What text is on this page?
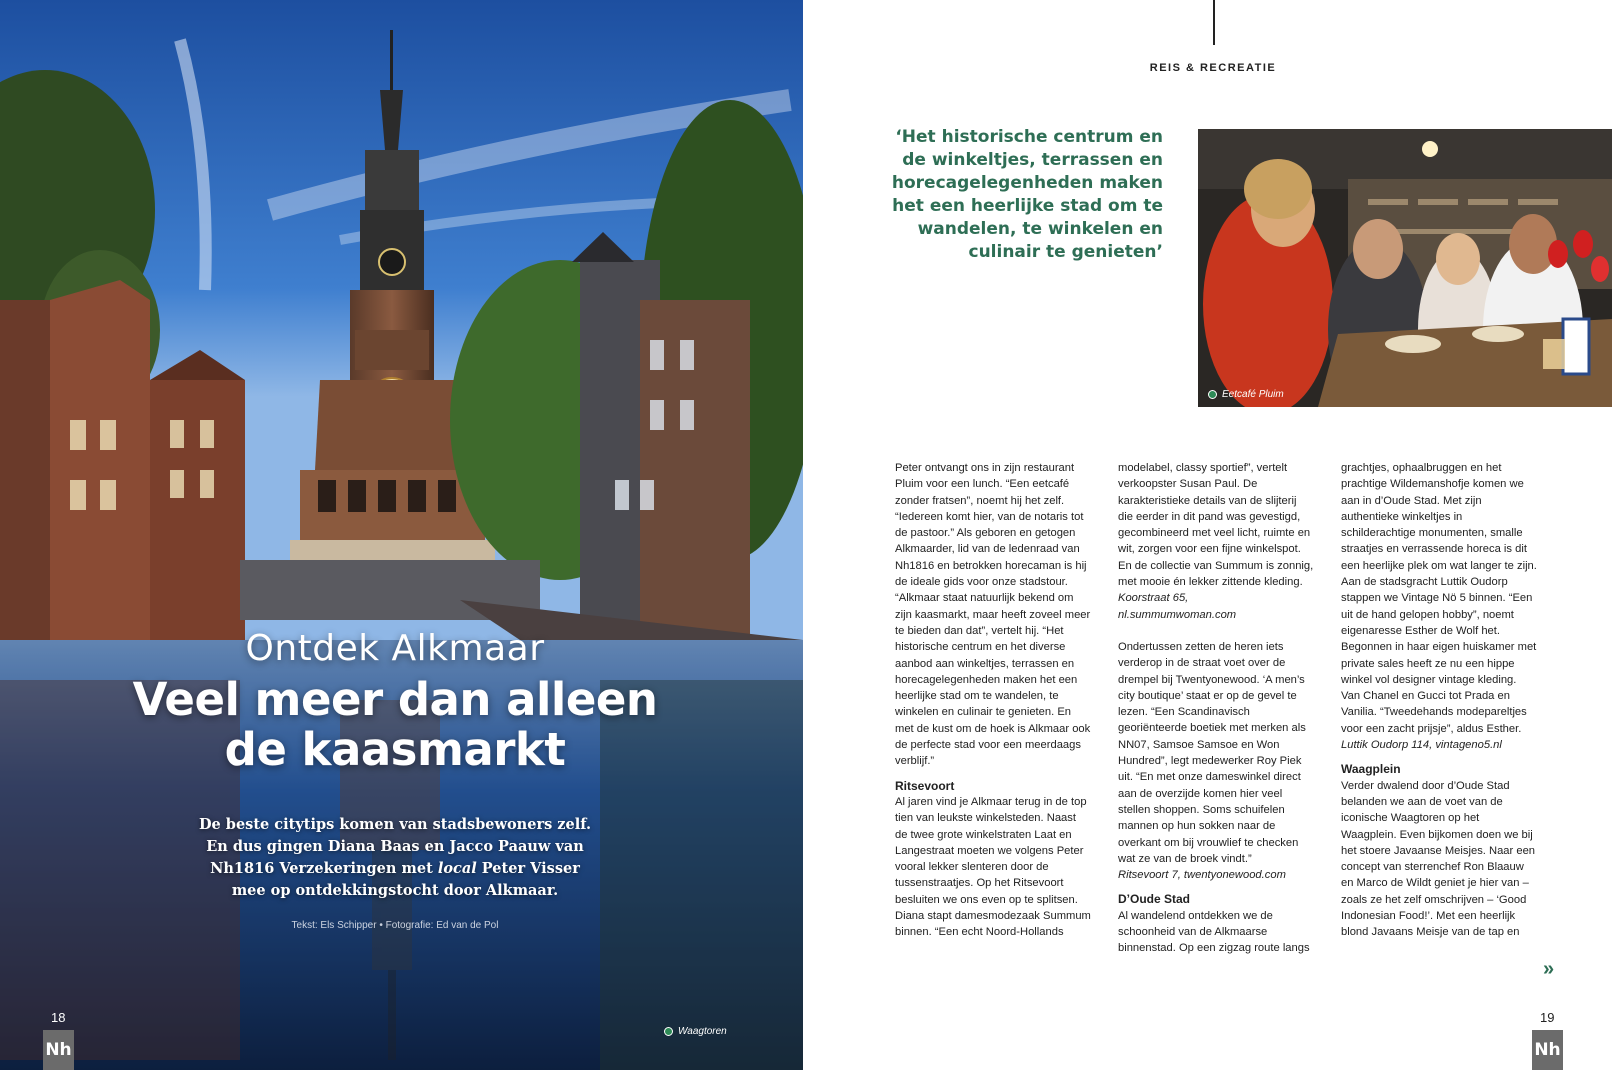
Ontdek Alkmaar

Veel meer dan alleen
de kaasmarkt

De beste citytips komen van stadsbewoners zelf. En dus gingen Diana Baas en Jacco Paauw van Nh1816 Verzekeringen met local Peter Visser mee op ontdekkingstocht door Alkmaar.

Tekst: Els Schipper • Fotografie: Ed van de Pol
Waagtoren
18
Nh
REIS & RECREATIE

‘Het historische centrum en de winkeltjes, terrassen en horecagelegenheden maken het een heerlijke stad om te wandelen, te winkelen en culinair te genieten’

Eetcafé Pluim

Peter ontvangt ons in zijn restaurant Pluim voor een lunch. “Een eetcafé zonder fratsen”, noemt hij het zelf. “Iedereen komt hier, van de notaris tot de pastoor.” Als geboren en getogen Alkmaarder, lid van de ledenraad van Nh1816 en betrokken horecaman is hij de ideale gids voor onze stadstour. “Alkmaar staat natuurlijk bekend om zijn kaasmarkt, maar heeft zoveel meer te bieden dan dat”, vertelt hij. “Het historische centrum en het diverse aanbod aan winkeltjes, terrassen en horecagelegenheden maken het een heerlijke stad om te wandelen, te winkelen en culinair te genieten. En met de kust om de hoek is Alkmaar ook de perfecte stad voor een meerdaags verblijf.”

Ritsevoort

Al jaren vind je Alkmaar terug in de top tien van leukste winkelsteden. Naast de twee grote winkelstraten Laat en Langestraat moeten we volgens Peter vooral lekker slenteren door de tussenstraatjes. Op het Ritsevoort besluiten we ons even op te splitsen. Diana stapt damesmodezaak Summum binnen. “Een echt Noord-Hollands

modelabel, classy sportief”, vertelt verkoopster Susan Paul. De karakteristieke details van de slijterij die eerder in dit pand was gevestigd, gecombineerd met veel licht, ruimte en wit, zorgen voor een fijne winkelspot. En de collectie van Summum is zonnig, met mooie én lekker zittende kleding.

Koorstraat 65,

nl.summumwoman.com

Ondertussen zetten de heren iets verderop in de straat voet over de drempel bij Twentyonewood. ‘A men’s city boutique’ staat er op de gevel te lezen. “Een Scandinavisch georiënteerde boetiek met merken als NN07, Samsoe Samsoe en Won Hundred”, legt medewerker Roy Piek uit. “En met onze dameswinkel direct aan de overzijde komen hier veel stellen shoppen. Soms schuifelen mannen op hun sokken naar de overkant om bij vrouwlief te checken wat ze van de broek vindt.”

Ritsevoort 7, twentyonewood.com

D’Oude Stad

Al wandelend ontdekken we de schoonheid van de Alkmaarse binnenstad. Op een zigzag route langs

grachtjes, ophaalbruggen en het prachtige Wildemanshofje komen we aan in d’Oude Stad. Met zijn authentieke winkeltjes in schilderachtige monumenten, smalle straatjes en verrassende horeca is dit een heerlijke plek om wat langer te zijn. Aan de stadsgracht Luttik Oudorp stappen we Vintage Nö 5 binnen. “Een uit de hand gelopen hobby”, noemt eigenaresse Esther de Wolf het. Begonnen in haar eigen huiskamer met private sales heeft ze nu een hippe winkel vol designer vintage kleding. Van Chanel en Gucci tot Prada en Vanilia. “Tweedehands modepareltjes voor een zacht prijsje”, aldus Esther.

Luttik Oudorp 114, vintageno5.nl

Waagplein

Verder dwalend door d’Oude Stad belanden we aan de voet van de iconische Waagtoren op het Waagplein. Even bijkomen doen we bij het stoere Javaanse Meisjes. Naar een concept van sterrenchef Ron Blaauw en Marco de Wildt geniet je hier van – zoals ze het zelf omschrijven – ‘Good Indonesian Food!’. Met een heerlijk blond Javaans Meisje van de tap en

»
19
Nh
